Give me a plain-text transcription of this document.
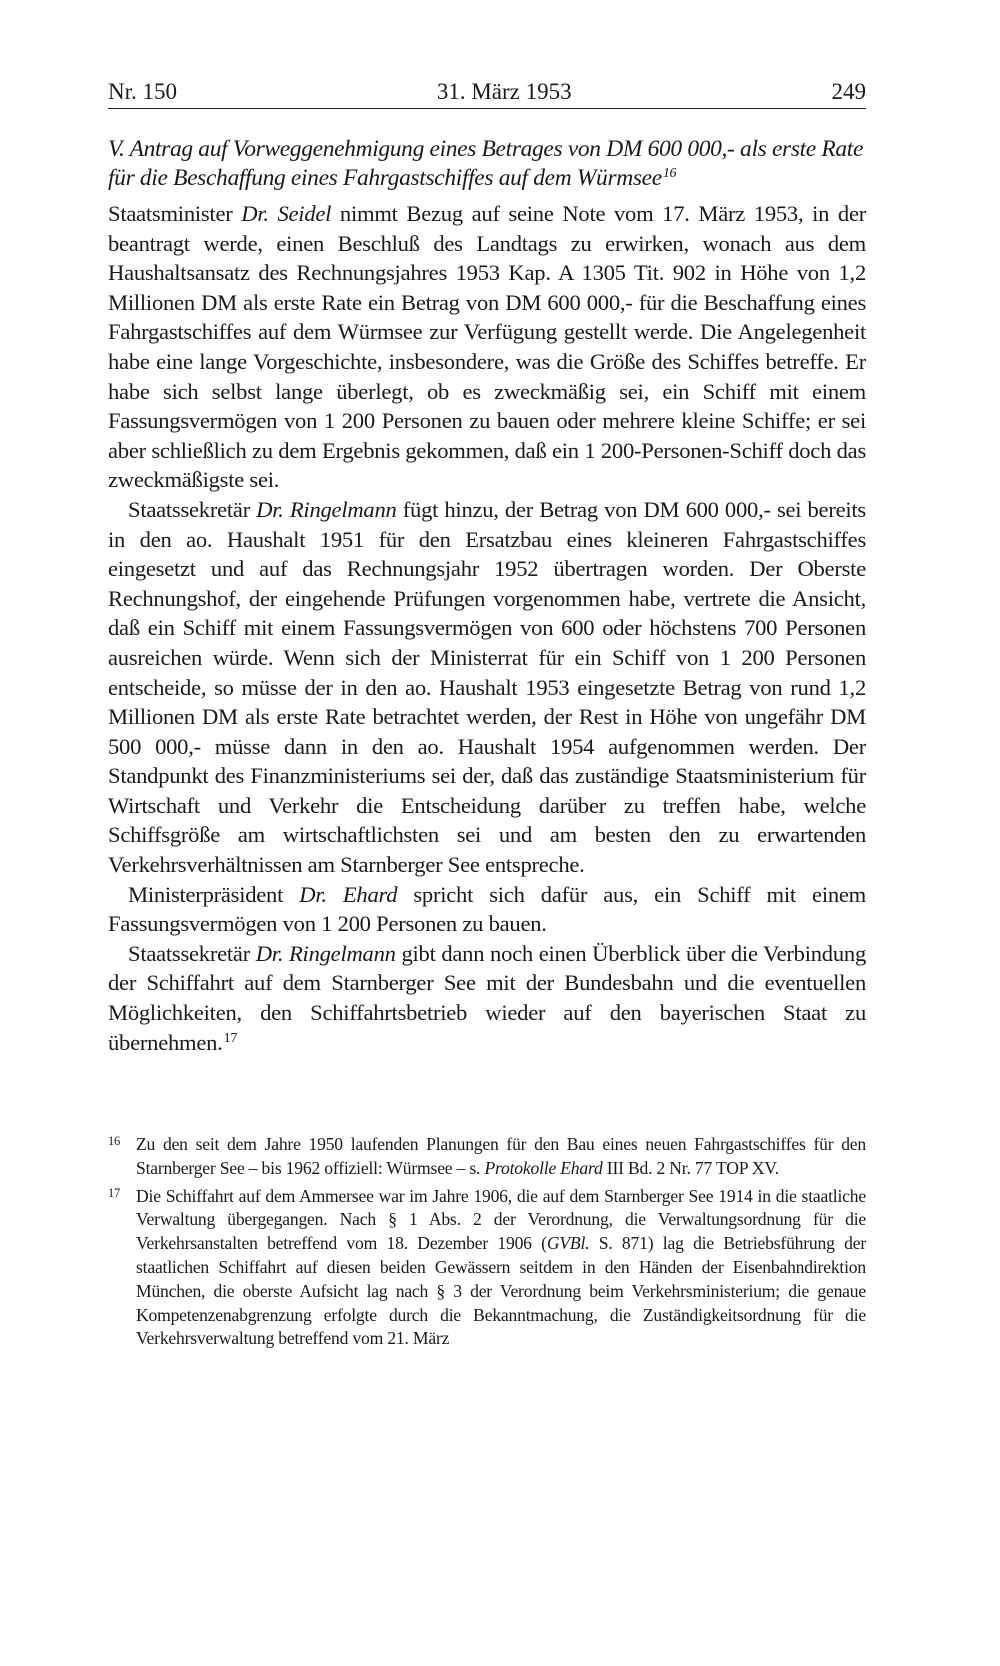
Nr. 150	31. März 1953	249
V. Antrag auf Vorweggenehmigung eines Betrages von DM 600 000,- als erste Rate für die Beschaffung eines Fahrgastschiffes auf dem Würmsee$^{16}$

Staatsminister Dr. Seidel nimmt Bezug auf seine Note vom 17. März 1953, in der beantragt werde, einen Beschluß des Landtags zu erwirken, wonach aus dem Haushaltsansatz des Rechnungsjahres 1953 Kap. A 1305 Tit. 902 in Höhe von 1,2 Millionen DM als erste Rate ein Betrag von DM 600 000,- für die Beschaffung eines Fahrgastschiffes auf dem Würmsee zur Verfügung gestellt werde. Die Angelegenheit habe eine lange Vorgeschichte, insbesondere, was die Größe des Schiffes betreffe. Er habe sich selbst lange überlegt, ob es zweckmäßig sei, ein Schiff mit einem Fassungsvermögen von 1 200 Personen zu bauen oder mehrere kleine Schiffe; er sei aber schließlich zu dem Ergebnis gekommen, daß ein 1 200-Personen-Schiff doch das zweckmäßigste sei.

Staatssekretär Dr. Ringelmann fügt hinzu, der Betrag von DM 600 000,- sei bereits in den ao. Haushalt 1951 für den Ersatzbau eines kleineren Fahrgastschiffes eingesetzt und auf das Rechnungsjahr 1952 übertragen worden. Der Oberste Rechnungshof, der eingehende Prüfungen vorgenommen habe, vertrete die Ansicht, daß ein Schiff mit einem Fassungsvermögen von 600 oder höchstens 700 Personen ausreichen würde. Wenn sich der Ministerrat für ein Schiff von 1 200 Personen entscheide, so müsse der in den ao. Haushalt 1953 eingesetzte Betrag von rund 1,2 Millionen DM als erste Rate betrachtet werden, der Rest in Höhe von ungefähr DM 500 000,- müsse dann in den ao. Haushalt 1954 aufgenommen werden. Der Standpunkt des Finanzministeriums sei der, daß das zuständige Staatsministerium für Wirtschaft und Verkehr die Entscheidung darüber zu treffen habe, welche Schiffsgröße am wirtschaftlichsten sei und am besten den zu erwartenden Verkehrsverhältnissen am Starnberger See entspreche.

Ministerpräsident Dr. Ehard spricht sich dafür aus, ein Schiff mit einem Fassungsvermögen von 1 200 Personen zu bauen.

Staatssekretär Dr. Ringelmann gibt dann noch einen Überblick über die Verbindung der Schiffahrt auf dem Starnberger See mit der Bundesbahn und die eventuellen Möglichkeiten, den Schiffahrtsbetrieb wieder auf den bayerischen Staat zu übernehmen.$^{17}$

16 Zu den seit dem Jahre 1950 laufenden Planungen für den Bau eines neuen Fahrgastschiffes für den Starnberger See – bis 1962 offiziell: Würmsee – s. Protokolle Ehard III Bd. 2 Nr. 77 TOP XV.
17 Die Schiffahrt auf dem Ammersee war im Jahre 1906, die auf dem Starnberger See 1914 in die staatliche Verwaltung übergegangen. Nach § 1 Abs. 2 der Verordnung, die Verwaltungsordnung für die Verkehrsanstalten betreffend vom 18. Dezember 1906 (GVBl. S. 871) lag die Betriebsführung der staatlichen Schiffahrt auf diesen beiden Gewässern seitdem in den Händen der Eisenbahndirektion München, die oberste Aufsicht lag nach § 3 der Verordnung beim Verkehrsministerium; die genaue Kompetenzenabgrenzung erfolgte durch die Bekanntmachung, die Zuständigkeitsordnung für die Verkehrsverwaltung betreffend vom 21. März
